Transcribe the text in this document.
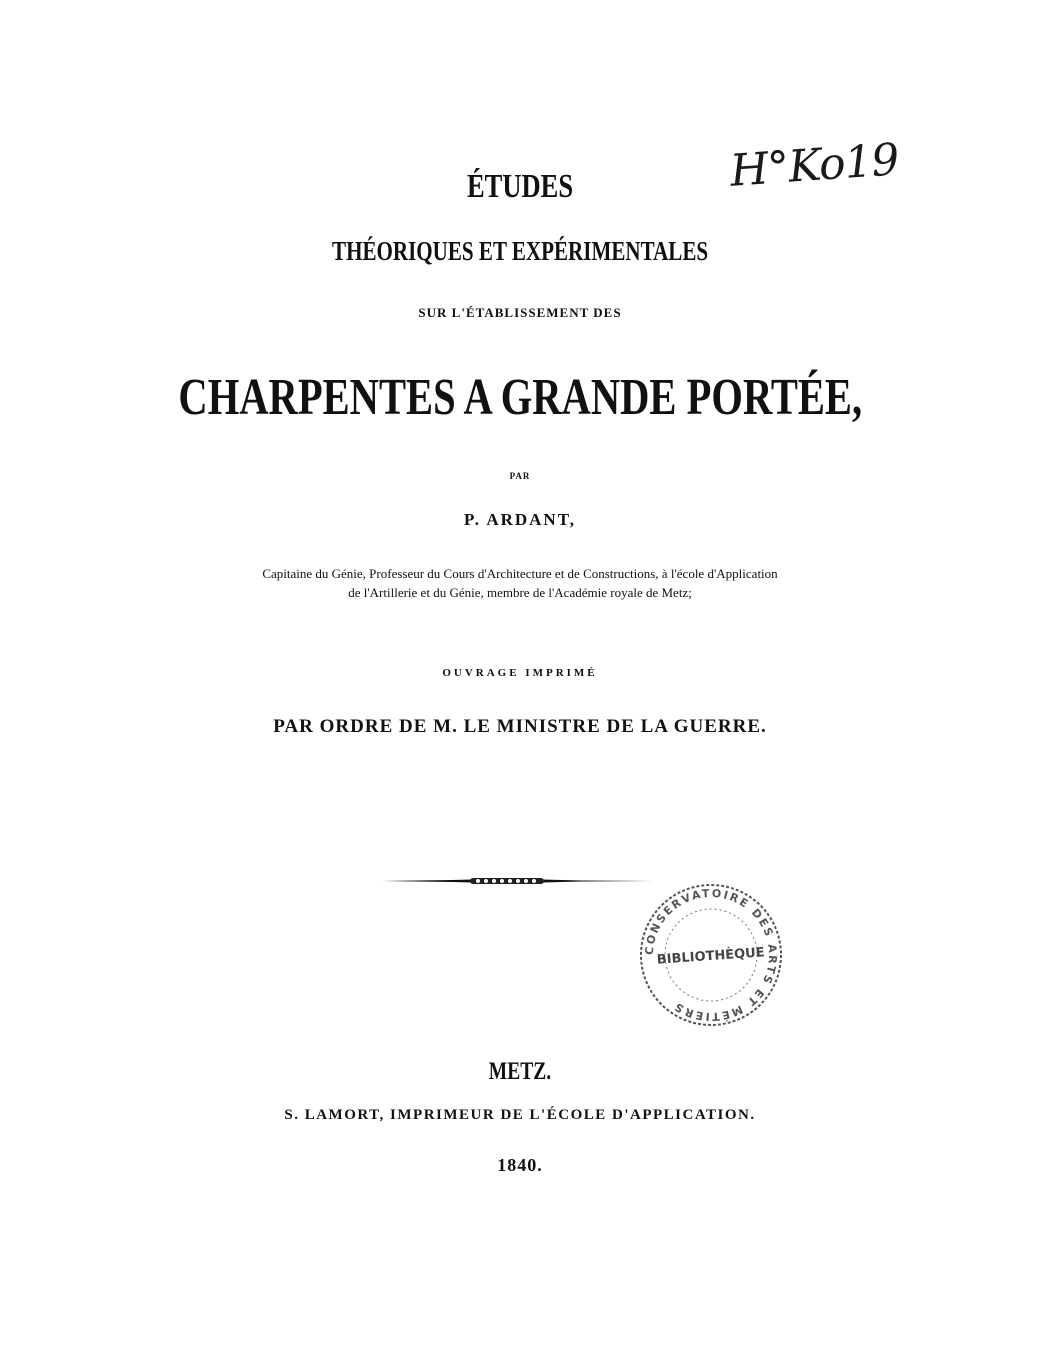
H°Ko19
ÉTUDES
THÉORIQUES ET EXPÉRIMENTALES
SUR L'ÉTABLISSEMENT DES
CHARPENTES A GRANDE PORTÉE,
PAR
P. ARDANT,
Capitaine du Génie, Professeur du Cours d'Architecture et de Constructions, à l'école d'Application
de l'Artillerie et du Génie, membre de l'Académie royale de Metz;
OUVRAGE IMPRIMÉ
PAR ORDRE DE M. LE MINISTRE DE LA GUERRE.
CONSERVATOIRE DES ARTS ET MÉTIERS
BIBLIOTHÈQUE
METZ.
S. LAMORT, IMPRIMEUR DE L'ÉCOLE D'APPLICATION.
1840.
